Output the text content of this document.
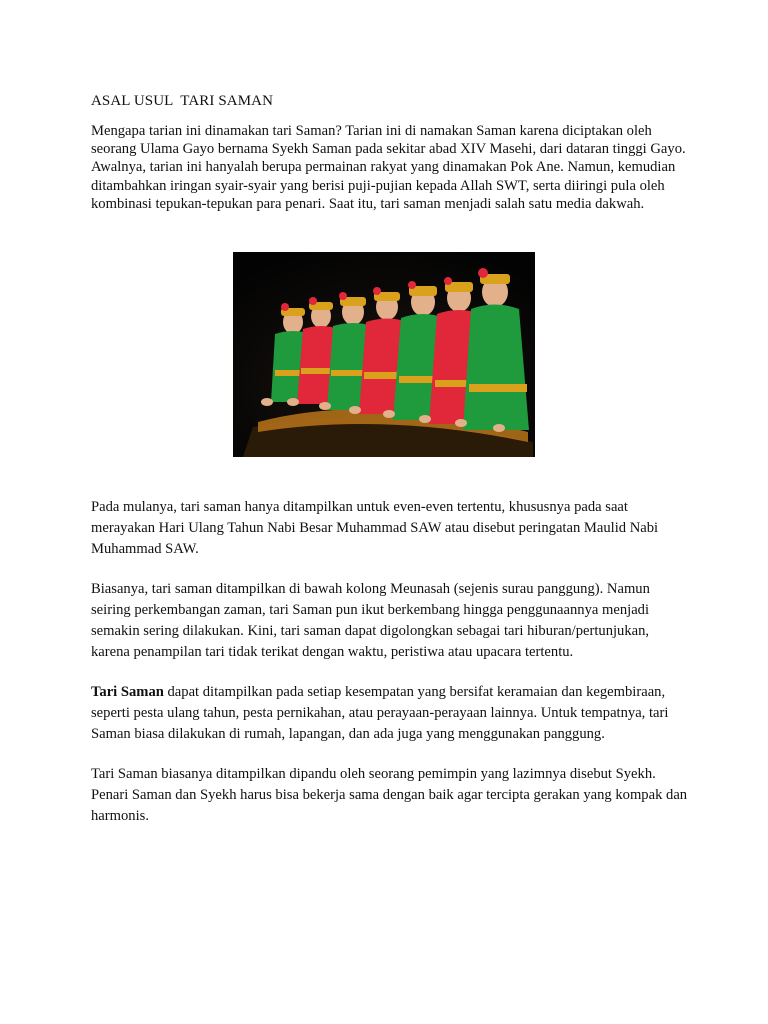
ASAL USUL  TARI SAMAN

Mengapa tarian ini dinamakan tari Saman? Tarian ini di namakan Saman karena diciptakan oleh seorang Ulama Gayo bernama Syekh Saman pada sekitar abad XIV Masehi, dari dataran tinggi Gayo. Awalnya, tarian ini hanyalah berupa permainan rakyat yang dinamakan Pok Ane. Namun, kemudian ditambahkan iringan syair-syair yang berisi puji-pujian kepada Allah SWT, serta diiringi pula oleh kombinasi tepukan-tepukan para penari. Saat itu, tari saman menjadi salah satu media dakwah.

Pada mulanya, tari saman hanya ditampilkan untuk even-even tertentu, khususnya pada saat merayakan Hari Ulang Tahun Nabi Besar Muhammad SAW atau disebut peringatan Maulid Nabi Muhammad SAW.

Biasanya, tari saman ditampilkan di bawah kolong Meunasah (sejenis surau panggung). Namun seiring perkembangan zaman, tari Saman pun ikut berkembang hingga penggunaannya menjadi semakin sering dilakukan. Kini, tari saman dapat digolongkan sebagai tari hiburan/pertunjukan, karena penampilan tari tidak terikat dengan waktu, peristiwa atau upacara tertentu.

Tari Saman dapat ditampilkan pada setiap kesempatan yang bersifat keramaian dan kegembiraan, seperti pesta ulang tahun, pesta pernikahan, atau perayaan-perayaan lainnya. Untuk tempatnya, tari Saman biasa dilakukan di rumah, lapangan, dan ada juga yang menggunakan panggung.

Tari Saman biasanya ditampilkan dipandu oleh seorang pemimpin yang lazimnya disebut Syekh. Penari Saman dan Syekh harus bisa bekerja sama dengan baik agar tercipta gerakan yang kompak dan harmonis.
